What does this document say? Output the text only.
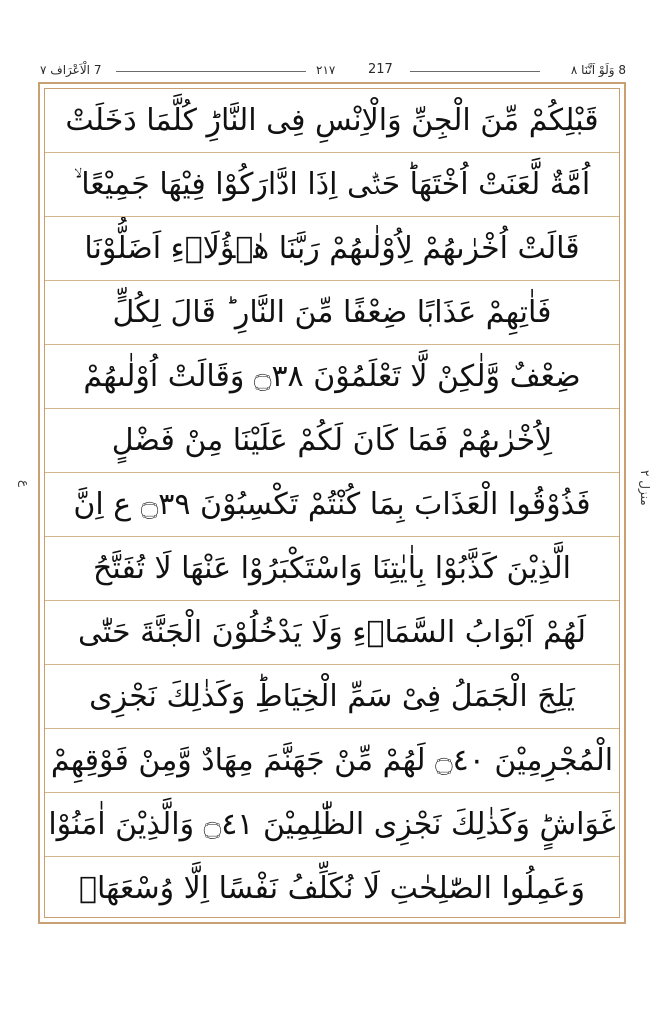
7 الْاَعْرَاف ٧	٢١٧	217	8 وَلَوْ اَنَّنَا ٨
ع
منزل ٢
قَبْلِكُمْ مِّنَ الْجِنِّ وَالْاِنْسِ فِى النَّارِؕ كُلَّمَا دَخَلَتْ
اُمَّةٌ لَّعَنَتْ اُخْتَهَاؕ حَتّٰۤى اِذَا ادَّارَكُوْا فِيْهَا جَمِيْعًا ۙ
قَالَتْ اُخْرٰىهُمْ لِاُوْلٰىهُمْ رَبَّنَا هٰۤؤُلَاۤءِ اَضَلُّوْنَا
فَاٰتِهِمْ عَذَابًا ضِعْفًا مِّنَ النَّارِ ؕ قَالَ لِكُلٍّ
ضِعْفٌ وَّلٰكِنْ لَّا تَعْلَمُوْنَ ۝٣٨ وَقَالَتْ اُوْلٰىهُمْ
لِاُخْرٰىهُمْ فَمَا كَانَ لَكُمْ عَلَيْنَا مِنْ فَضْلٍ
فَذُوْقُوا الْعَذَابَ بِمَا كُنْتُمْ تَكْسِبُوْنَ ۝٣٩ ع اِنَّ
الَّذِيْنَ كَذَّبُوْا بِاٰيٰتِنَا وَاسْتَكْبَرُوْا عَنْهَا لَا تُفَتَّحُ
لَهُمْ اَبْوَابُ السَّمَاۤءِ وَلَا يَدْخُلُوْنَ الْجَنَّةَ حَتّٰى
يَلِجَ الْجَمَلُ فِىْ سَمِّ الْخِيَاطِؕ وَكَذٰلِكَ نَجْزِى
الْمُجْرِمِيْنَ ۝٤٠ لَهُمْ مِّنْ جَهَنَّمَ مِهَادٌ وَّمِنْ فَوْقِهِمْ
غَوَاشٍؕ وَكَذٰلِكَ نَجْزِى الظّٰلِمِيْنَ ۝٤١ وَالَّذِيْنَ اٰمَنُوْا
وَعَمِلُوا الصّٰلِحٰتِ لَا نُكَلِّفُ نَفْسًا اِلَّا وُسْعَهَاۤ
